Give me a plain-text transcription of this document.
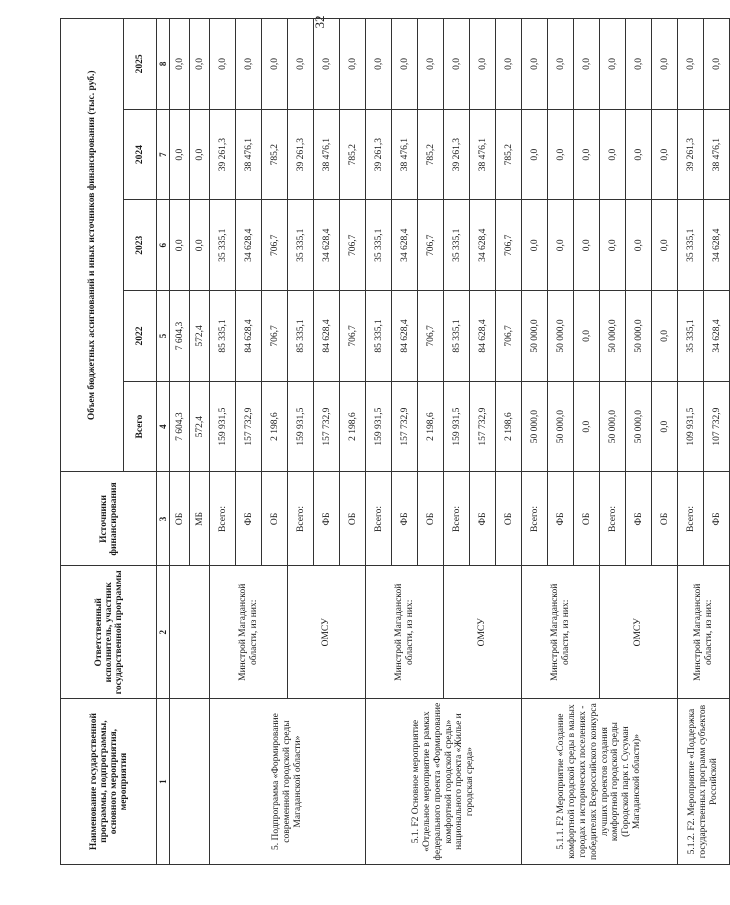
32
Наименование государственной программы, подпрограммы, основного мероприятия, мероприятия	Ответственный исполнитель, участник государственной программы	Источники финансирования	Объем бюджетных ассигнований и иных источников финансирования (тыс. руб.)				
			Всего	2022	2023	2024	2025
1	2	3	4	5	6	7	8
		ОБ	7 604,3	7 604,3	0,0	0,0	0,0
		МБ	572,4	572,4	0,0	0,0	0,0
5. Подпрограмма «Формирование современной городской среды Магаданской области»	Минстрой Магаданской области, из них:	Всего:	159 931,5	85 335,1	35 335,1	39 261,3	0,0
		ФБ	157 732,9	84 628,4	34 628,4	38 476,1	0,0
		ОБ	2 198,6	706,7	706,7	785,2	0,0
	ОМСУ	Всего:	159 931,5	85 335,1	35 335,1	39 261,3	0,0
		ФБ	157 732,9	84 628,4	34 628,4	38 476,1	0,0
		ОБ	2 198,6	706,7	706,7	785,2	0,0
5.1. F2 Основное мероприятие «Отдельное мероприятие в рамках федерального проекта «Формирование комфортной городской среды» национального проекта «Жилье и городская среда»	Минстрой Магаданской области, из них:	Всего:	159 931,5	85 335,1	35 335,1	39 261,3	0,0
		ФБ	157 732,9	84 628,4	34 628,4	38 476,1	0,0
		ОБ	2 198,6	706,7	706,7	785,2	0,0
	ОМСУ	Всего:	159 931,5	85 335,1	35 335,1	39 261,3	0,0
		ФБ	157 732,9	84 628,4	34 628,4	38 476,1	0,0
		ОБ	2 198,6	706,7	706,7	785,2	0,0
5.1.1. F2 Мероприятие «Создание комфортной городской среды в малых городах и исторических поселениях - победителях Всероссийского конкурса лучших проектов создания комфортной городской среды (Городской парк г. Сусуман Магаданской области)»	Минстрой Магаданской области, из них:	Всего:	50 000,0	50 000,0	0,0	0,0	0,0
		ФБ	50 000,0	50 000,0	0,0	0,0	0,0
		ОБ	0,0	0,0	0,0	0,0	0,0
	ОМСУ	Всего:	50 000,0	50 000,0	0,0	0,0	0,0
		ФБ	50 000,0	50 000,0	0,0	0,0	0,0
		ОБ	0,0	0,0	0,0	0,0	0,0
5.1.2. F2. Мероприятие «Поддержка государственных программ субъектов Российской	Минстрой Магаданской области, из них:	Всего:	109 931,5	35 335,1	35 335,1	39 261,3	0,0
		ФБ	107 732,9	34 628,4	34 628,4	38 476,1	0,0
